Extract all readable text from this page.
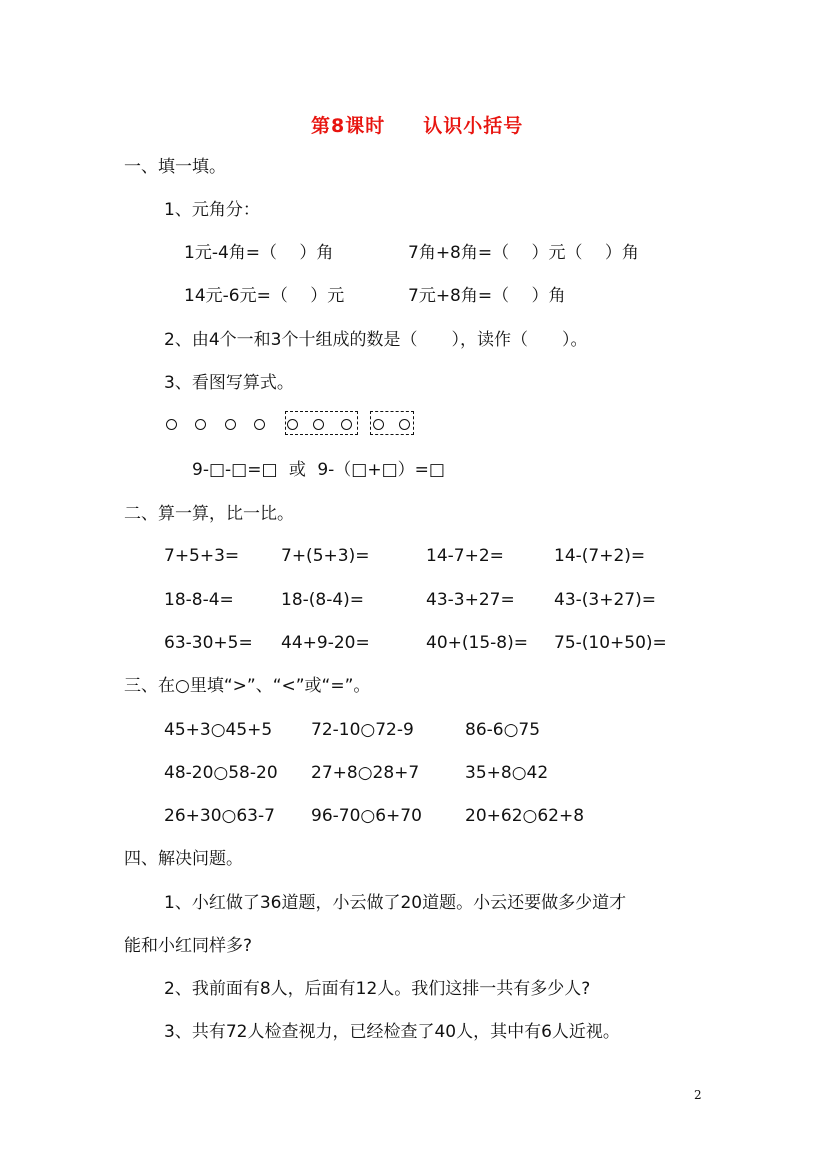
第8课时 认识小括号
一、填一填。
1、元角分：
1元-4角=（　 ）角	7角+8角=（　 ）元（　 ）角
14元-6元=（　 ）元	7元+8角=（　 ）角
2、由4个一和3个十组成的数是（　　），读作（　　）。
3、看图写算式。
9-□-□=□ 或 9-（□+□）=□
二、算一算，比一比。
7+5+3= 7+(5+3)=	14-7+2=	14-(7+2)=
18-8-4=	18-(8-4)=	43-3+27= 43-(3+27)=
63-30+5= 44+9-20=	40+(15-8)= 75-(10+50)=
三、在○里填“>”、“<”或“=”。
45+3○45+5 72-10○72-9	86-6○75
48-20○58-20 27+8○28+7	35+8○42
26+30○63-7 96-70○6+70	20+62○62+8
四、解决问题。
1、小红做了36道题，小云做了20道题。小云还要做多少道才
能和小红同样多?
2、我前面有8人，后面有12人。我们这排一共有多少人?
3、共有72人检查视力，已经检查了40人，其中有6人近视。
2
